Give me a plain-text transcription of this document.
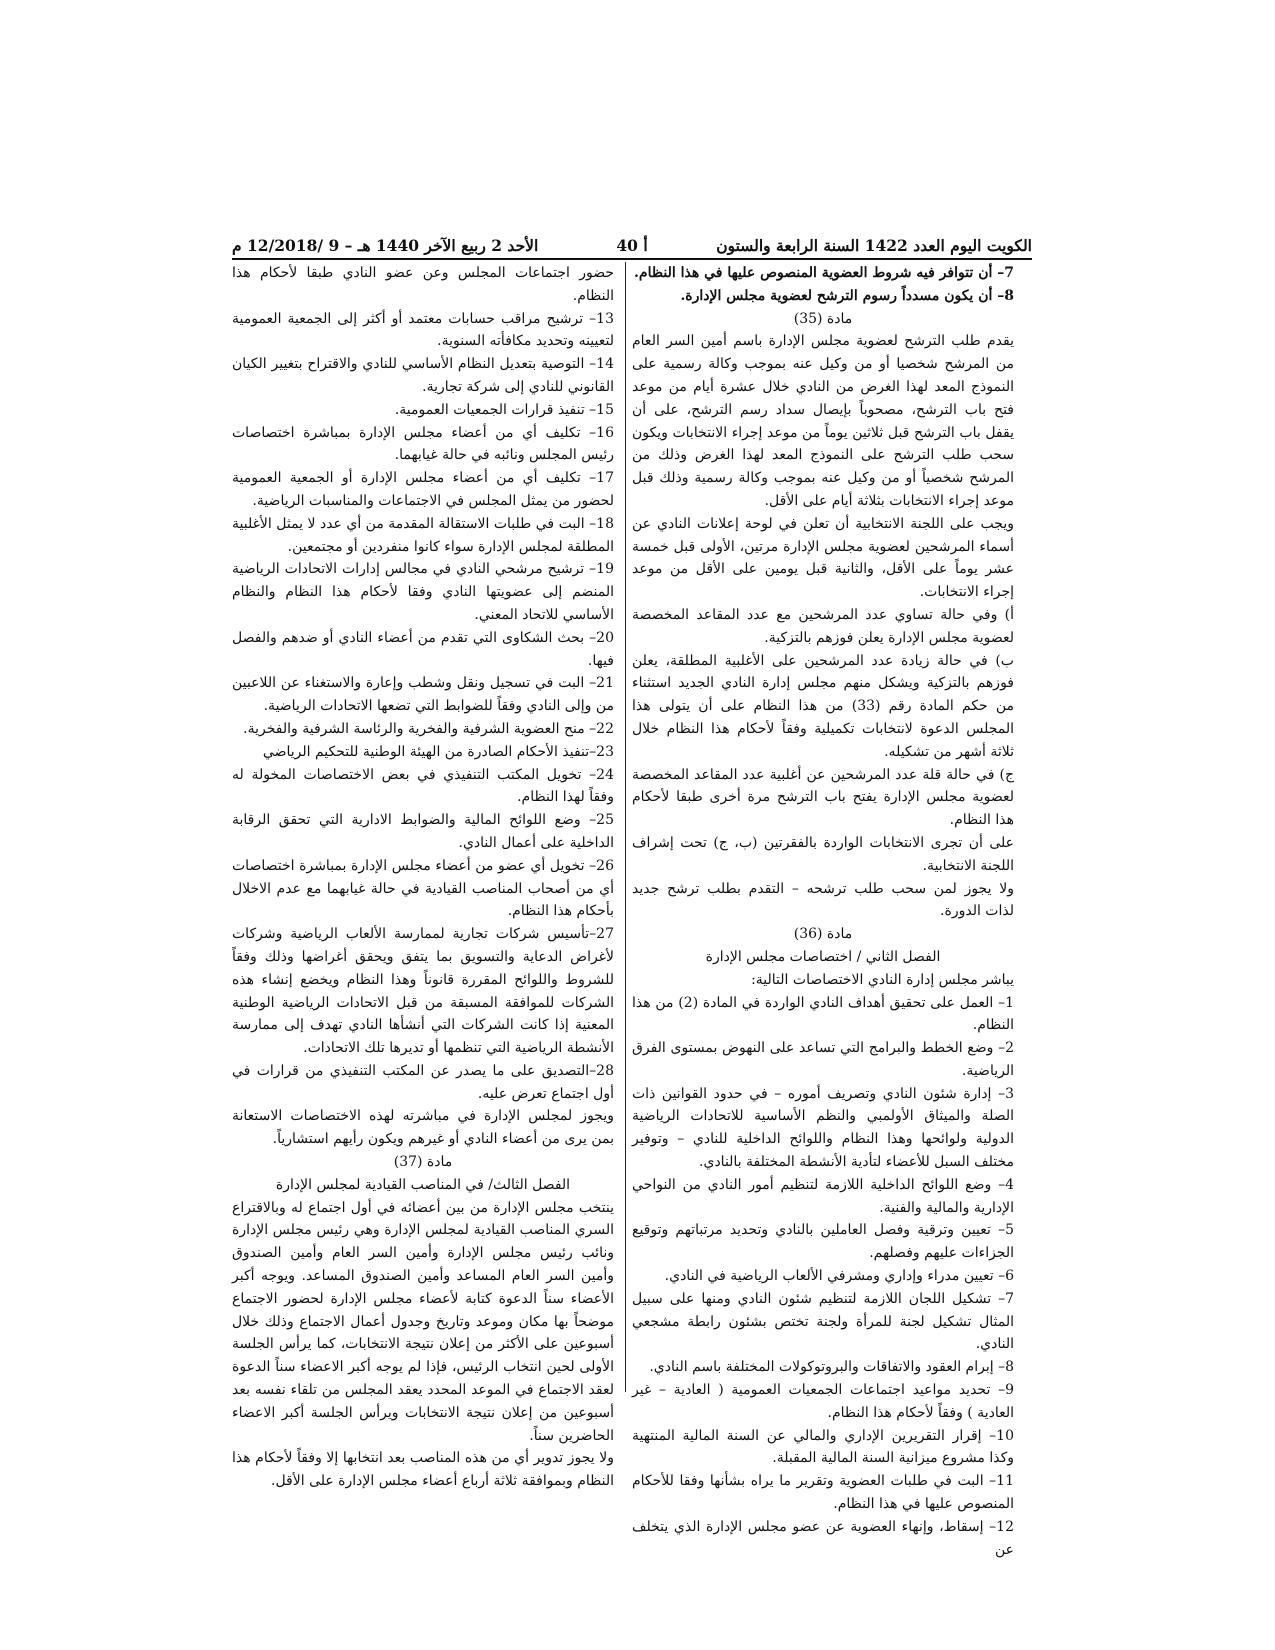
الكويت اليوم العدد 1422 السنة الرابعة والستون
أ 40
الأحد 2 ربيع الآخر 1440 هـ – 9 /12/2018 م

7– أن تتوافر فيه شروط العضوية المنصوص عليها في هذا النظام.

8– أن يكون مسدداً رسوم الترشح لعضوية مجلس الإدارة.

مادة (35)

يقدم طلب الترشح لعضوية مجلس الإدارة باسم أمين السر العام من المرشح شخصيا أو من وكيل عنه بموجب وكالة رسمية على النموذج المعد لهذا الغرض من النادي خلال عشرة أيام من موعد فتح باب الترشح، مصحوباً بإيصال سداد رسم الترشح، على أن يقفل باب الترشح قبل ثلاثين يوماً من موعد إجراء الانتخابات ويكون سحب طلب الترشح على النموذج المعد لهذا الغرض وذلك من المرشح شخصياً أو من وكيل عنه بموجب وكالة رسمية وذلك قبل موعد إجراء الانتخابات بثلاثة أيام على الأقل.

ويجب على اللجنة الانتخابية أن تعلن في لوحة إعلانات النادي عن أسماء المرشحين لعضوية مجلس الإدارة مرتين، الأولى قبل خمسة عشر يوماً على الأقل، والثانية قبل يومين على الأقل من موعد إجراء الانتخابات.

أ) وفي حالة تساوي عدد المرشحين مع عدد المقاعد المخصصة لعضوية مجلس الإدارة يعلن فوزهم بالتزكية.

ب) في حالة زيادة عدد المرشحين على الأغلبية المطلقة، يعلن فوزهم بالتزكية ويشكل منهم مجلس إدارة النادي الجديد استثناء من حكم المادة رقم (33) من هذا النظام على أن يتولى هذا المجلس الدعوة لانتخابات تكميلية وفقاً لأحكام هذا النظام خلال ثلاثة أشهر من تشكيله.

ج) في حالة قلة عدد المرشحين عن أغلبية عدد المقاعد المخصصة لعضوية مجلس الإدارة يفتح باب الترشح مرة أخرى طبقا لأحكام هذا النظام.

على أن تجرى الانتخابات الواردة بالفقرتين (ب، ج) تحت إشراف اللجنة الانتخابية.

ولا يجوز لمن سحب طلب ترشحه – التقدم بطلب ترشح جديد لذات الدورة.

مادة (36)

الفصل الثاني / اختصاصات مجلس الإدارة

يباشر مجلس إدارة النادي الاختصاصات التالية:

1– العمل على تحقيق أهداف النادي الواردة في المادة (2) من هذا النظام.

2– وضع الخطط والبرامج التي تساعد على النهوض بمستوى الفرق الرياضية.

3– إدارة شئون النادي وتصريف أموره – في حدود القوانين ذات الصلة والميثاق الأولمبي والنظم الأساسية للاتحادات الرياضية الدولية ولوائحها وهذا النظام واللوائح الداخلية للنادي – وتوفير مختلف السبل للأعضاء لتأدية الأنشطة المختلفة بالنادي.

4– وضع اللوائح الداخلية اللازمة لتنظيم أمور النادي من النواحي الإدارية والمالية والفنية.

5– تعيين وترقية وفصل العاملين بالنادي وتحديد مرتباتهم وتوقيع الجزاءات عليهم وفصلهم.

6– تعيين مدراء وإداري ومشرفي الألعاب الرياضية في النادي.

7– تشكيل اللجان اللازمة لتنظيم شئون النادي ومنها على سبيل المثال تشكيل لجنة للمرأة ولجنة تختص بشئون رابطة مشجعي النادي.

8– إبرام العقود والاتفاقات والبروتوكولات المختلفة باسم النادي.

9– تحديد مواعيد اجتماعات الجمعيات العمومية ( العادية – غير العادية ) وفقاً لأحكام هذا النظام.

10– إقرار التقريرين الإداري والمالي عن السنة المالية المنتهية وكذا مشروع ميزانية السنة المالية المقبلة.

11– البت في طلبات العضوية وتقرير ما يراه بشأنها وفقا للأحكام المنصوص عليها في هذا النظام.

12– إسقاط، وإنهاء العضوية عن عضو مجلس الإدارة الذي يتخلف عن

حضور اجتماعات المجلس وعن عضو النادي طبقا لأحكام هذا النظام.

13– ترشيح مراقب حسابات معتمد أو أكثر إلى الجمعية العمومية لتعيينه وتحديد مكافأته السنوية.

14– التوصية بتعديل النظام الأساسي للنادي والاقتراح بتغيير الكيان القانوني للنادي إلى شركة تجارية.

15– تنفيذ قرارات الجمعيات العمومية.

16– تكليف أي من أعضاء مجلس الإدارة بمباشرة اختصاصات رئيس المجلس ونائبه في حالة غيابهما.

17– تكليف أي من أعضاء مجلس الإدارة أو الجمعية العمومية لحضور من يمثل المجلس في الاجتماعات والمناسبات الرياضية.

18– البت في طلبات الاستقالة المقدمة من أي عدد لا يمثل الأغلبية المطلقة لمجلس الإدارة سواء كانوا منفردين أو مجتمعين.

19– ترشيح مرشحي النادي في مجالس إدارات الاتحادات الرياضية المنضم إلى عضويتها النادي وفقا لأحكام هذا النظام والنظام الأساسي للاتحاد المعني.

20– بحث الشكاوى التي تقدم من أعضاء النادي أو ضدهم والفصل فيها.

21– البت في تسجيل ونقل وشطب وإعارة والاستغناء عن اللاعبين من وإلى النادي وفقاً للضوابط التي تضعها الاتحادات الرياضية.

22– منح العضوية الشرفية والفخرية والرئاسة الشرفية والفخرية.

23–تنفيذ الأحكام الصادرة من الهيئة الوطنية للتحكيم الرياضي

24– تخويل المكتب التنفيذي في بعض الاختصاصات المخولة له وفقاً لهذا النظام.

25– وضع اللوائح المالية والضوابط الادارية التي تحقق الرقابة الداخلية على أعمال النادي.

26– تخويل أي عضو من أعضاء مجلس الإدارة بمباشرة اختصاصات أي من أصحاب المناصب القيادية في حالة غيابهما مع عدم الاخلال بأحكام هذا النظام.

27–تأسيس شركات تجارية لممارسة الألعاب الرياضية وشركات لأغراض الدعاية والتسويق بما يتفق ويحقق أغراضها وذلك وفقاً للشروط واللوائح المقررة قانوناً وهذا النظام ويخضع إنشاء هذه الشركات للموافقة المسبقة من قبل الاتحادات الرياضية الوطنية المعنية إذا كانت الشركات التي أنشأها النادي تهدف إلى ممارسة الأنشطة الرياضية التي تنظمها أو تديرها تلك الاتحادات.

28–التصديق على ما يصدر عن المكتب التنفيذي من قرارات في أول اجتماع تعرض عليه.

ويجوز لمجلس الإدارة في مباشرته لهذه الاختصاصات الاستعانة بمن يرى من أعضاء النادي أو غيرهم ويكون رأيهم استشارياً.

مادة (37)

الفصل الثالث/ في المناصب القيادية لمجلس الإدارة

ينتخب مجلس الإدارة من بين أعضائه في أول اجتماع له وبالاقتراع السري المناصب القيادية لمجلس الإدارة وهي رئيس مجلس الإدارة ونائب رئيس مجلس الإدارة وأمين السر العام وأمين الصندوق وأمين السر العام المساعد وأمين الصندوق المساعد. ويوجه أكبر الأعضاء سناً الدعوة كتابة لأعضاء مجلس الإدارة لحضور الاجتماع موضحاً بها مكان وموعد وتاريخ وجدول أعمال الاجتماع وذلك خلال أسبوعين على الأكثر من إعلان نتيجة الانتخابات، كما يرأس الجلسة الأولى لحين انتخاب الرئيس، فإذا لم يوجه أكبر الاعضاء سناً الدعوة لعقد الاجتماع في الموعد المحدد يعقد المجلس من تلقاء نفسه بعد أسبوعين من إعلان نتيجة الانتخابات ويرأس الجلسة أكبر الاعضاء الحاضرين سناً.

ولا يجوز تدوير أي من هذه المناصب بعد انتخابها إلا وفقاً لأحكام هذا النظام وبموافقة ثلاثة أرباع أعضاء مجلس الإدارة على الأقل.
